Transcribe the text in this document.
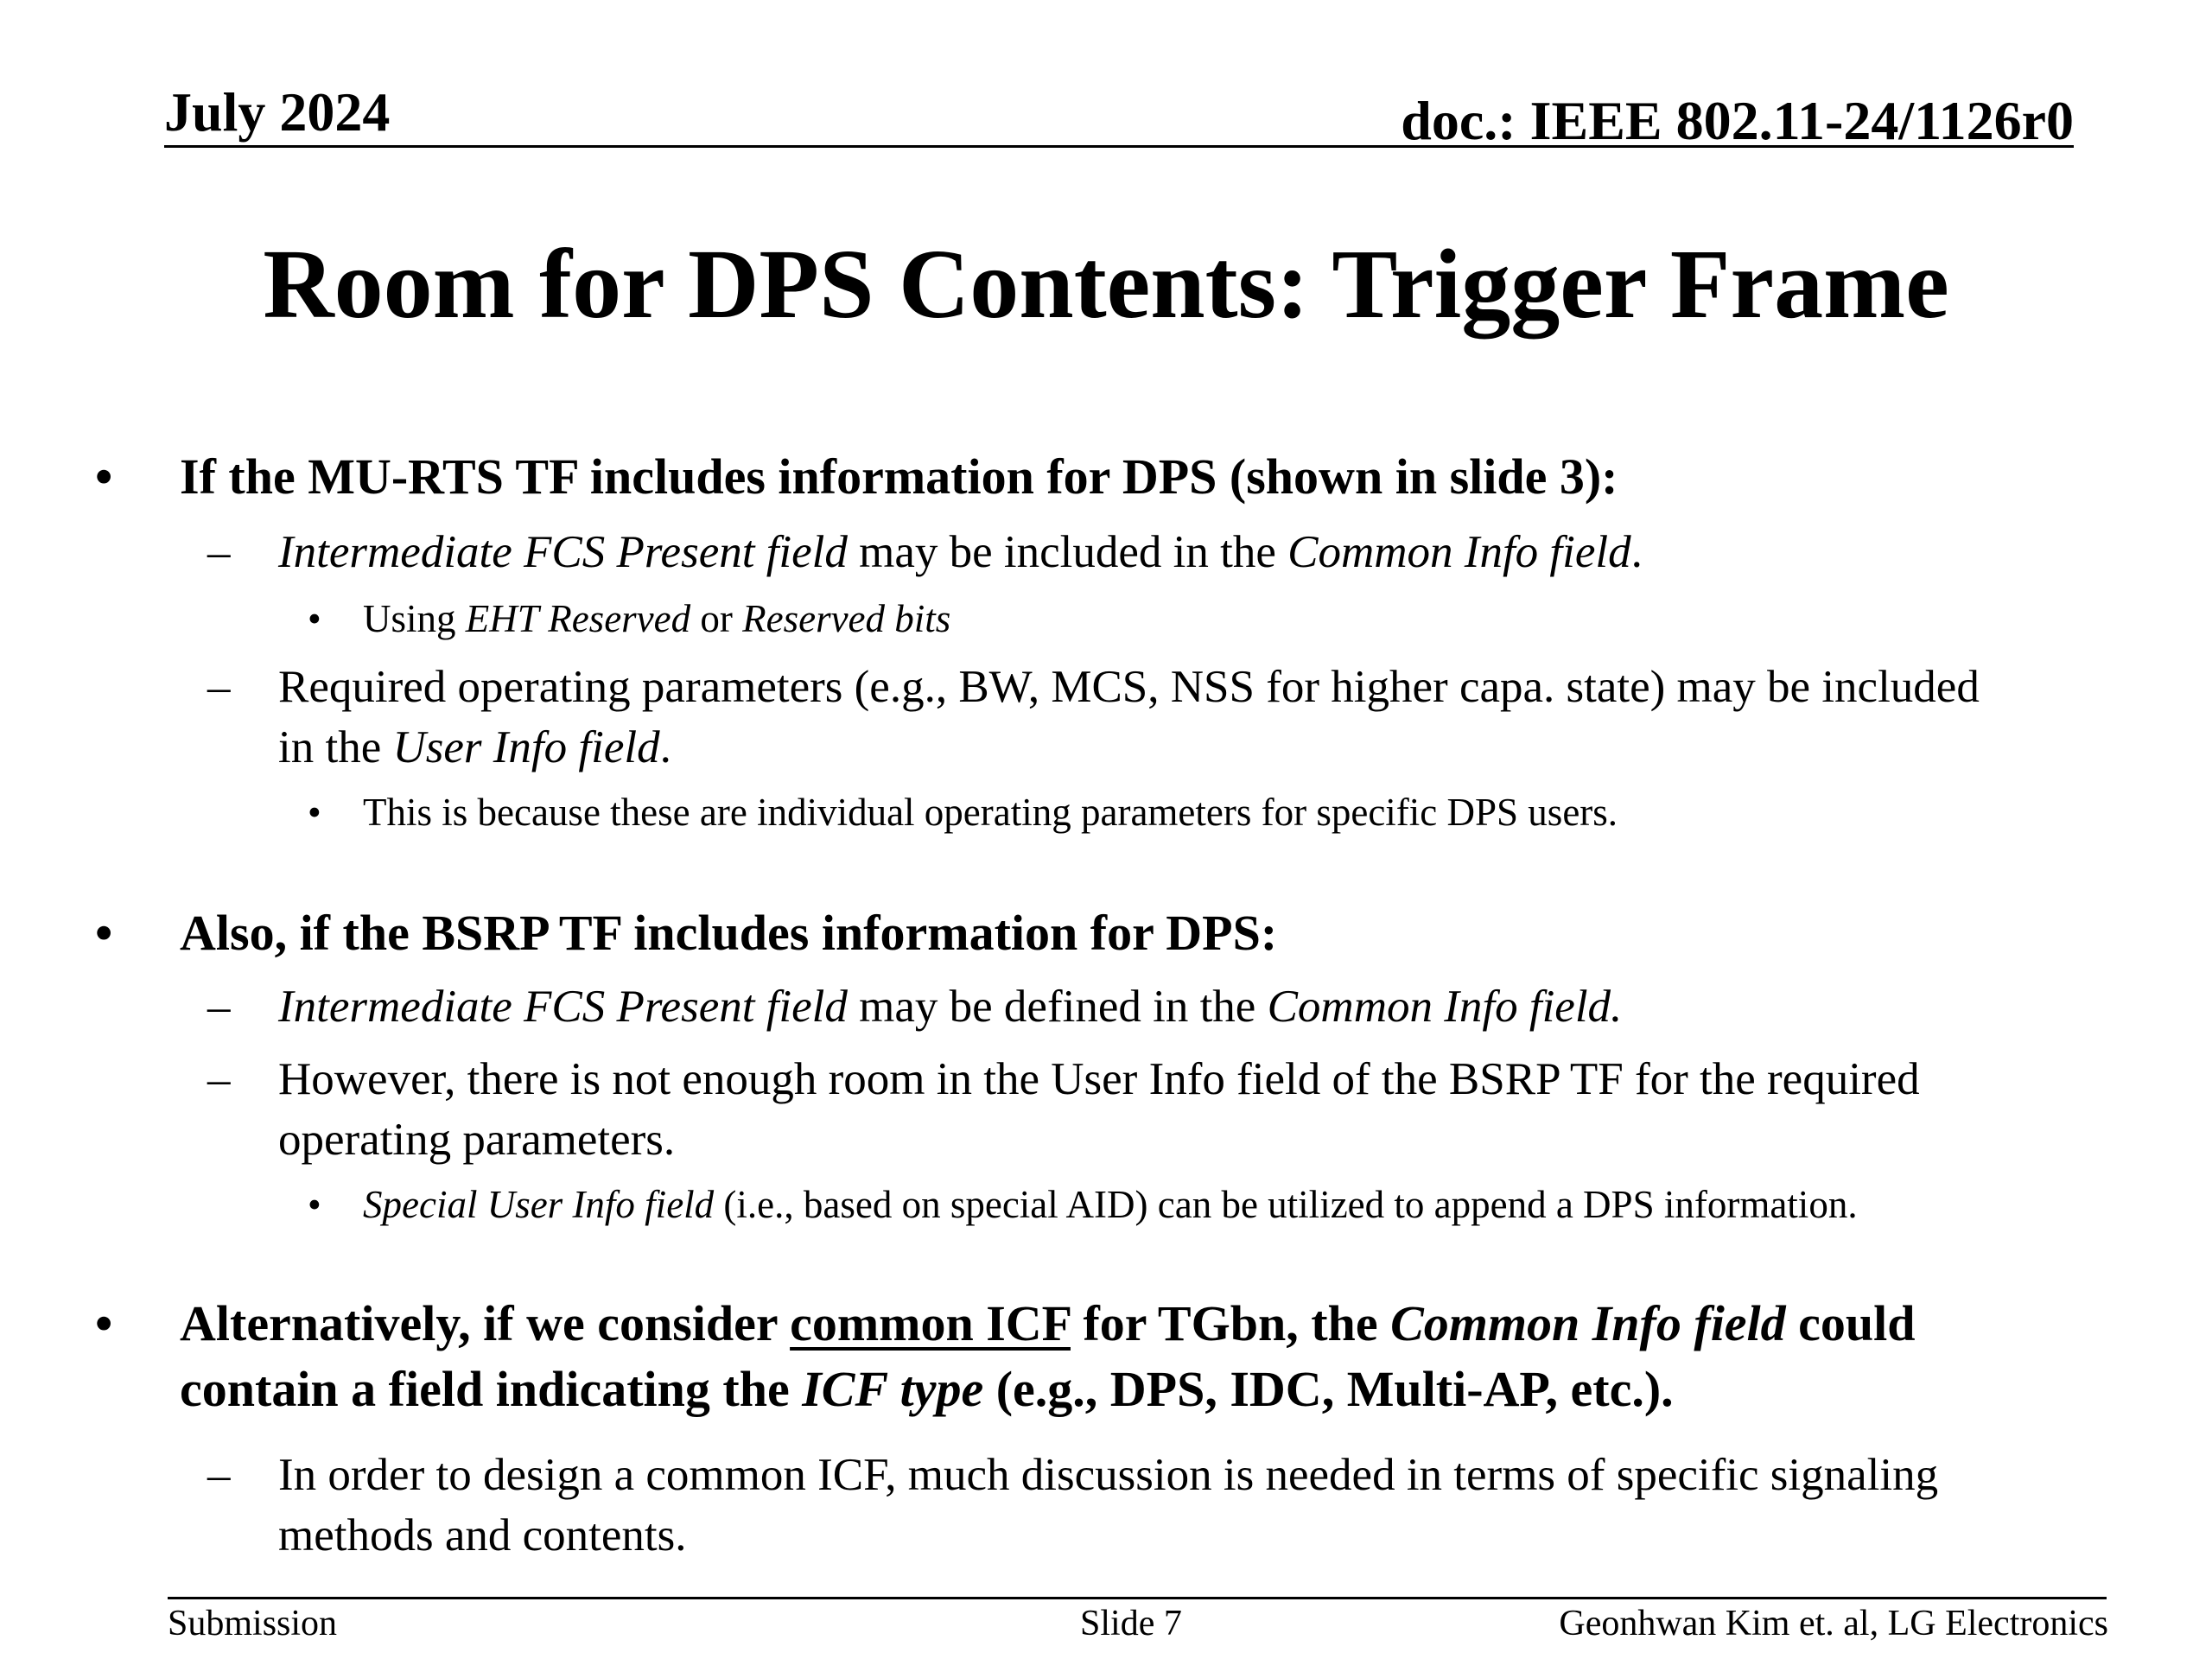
July 2024	doc.: IEEE 802.11-24/1126r0
Room for DPS Contents: Trigger Frame
• If the MU-RTS TF includes information for DPS (shown in slide 3):
– Intermediate FCS Present field may be included in the Common Info field.
• Using EHT Reserved or Reserved bits
– Required operating parameters (e.g., BW, MCS, NSS for higher capa. state) may be included
in the User Info field.
• This is because these are individual operating parameters for specific DPS users.
• Also, if the BSRP TF includes information for DPS:
– Intermediate FCS Present field may be defined in the Common Info field.
– However, there is not enough room in the User Info field of the BSRP TF for the required
operating parameters.
• Special User Info field (i.e., based on special AID) can be utilized to append a DPS information.
• Alternatively, if we consider common ICF for TGbn, the Common Info field could
contain a field indicating the ICF type (e.g., DPS, IDC, Multi-AP, etc.).
– In order to design a common ICF, much discussion is needed in terms of specific signaling
methods and contents.
Submission	Slide 7	Geonhwan Kim et. al, LG Electronics
